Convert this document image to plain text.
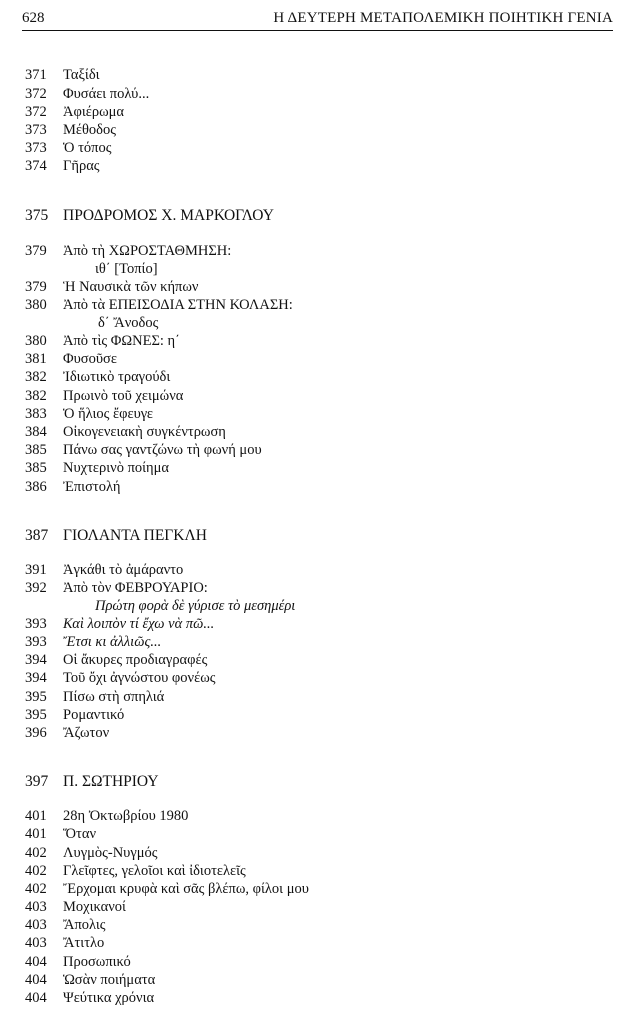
628	Η ΔΕΥΤΕΡΗ ΜΕΤΑΠΟΛΕΜΙΚΗ ΠΟΙΗΤΙΚΗ ΓΕΝΙΑ
371 Ταξίδι
372 Φυσάει πολύ...
372 Ἀφιέρωμα
373 Μέθοδος
373 Ὁ τόπος
374 Γῆρας
375 ΠΡΟΔΡΟΜΟΣ Χ. ΜΑΡΚΟΓΛΟΥ
379 Ἀπὸ τὴ ΧΩΡΟΣΤΑΘΜΗΣΗ:
ιθ΄ [Τοπίο]
379 Ἡ Ναυσικὰ τῶν κήπων
380 Ἀπὸ τὰ ΕΠΕΙΣΟΔΙΑ ΣΤΗΝ ΚΟΛΑΣΗ:
δ΄ Ἄνοδος
380 Ἀπὸ τὶς ΦΩΝΕΣ: η΄
381 Φυσοῦσε
382 Ἰδιωτικὸ τραγούδι
382 Πρωινὸ τοῦ χειμώνα
383 Ὁ ἥλιος ἔφευγε
384 Οἰκογενειακὴ συγκέντρωση
385 Πάνω σας γαντζώνω τὴ φωνή μου
385 Νυχτερινὸ ποίημα
386 Ἐπιστολή
387 ΓΙΟΛΑΝΤΑ ΠΕΓΚΛΗ
391 Ἀγκάθι τὸ ἀμάραντο
392 Ἀπὸ τὸν ΦΕΒΡΟΥΑΡΙΟ:
Πρώτη φορὰ δὲ γύρισε τὸ μεσημέρι
393 Καὶ λοιπὸν τί ἔχω νὰ πῶ...
393 Ἔτσι κι ἀλλιῶς...
394 Οἱ ἄκυρες προδιαγραφές
394 Τοῦ ὄχι ἀγνώστου φονέως
395 Πίσω στὴ σπηλιά
395 Ρομαντικό
396 Ἄζωτον
397 Π. ΣΩΤΗΡΙΟΥ
401 28η Ὀκτωβρίου 1980
401 Ὅταν
402 Λυγμὸς-Νυγμός
402 Γλεῖφτες, γελοῖοι καὶ ἰδιοτελεῖς
402 Ἔρχομαι κρυφὰ καὶ σᾶς βλέπω, φίλοι μου
403 Μοχικανοί
403 Ἄπολις
403 Ἄτιτλο
404 Προσωπικό
404 Ὡσὰν ποιήματα
404 Ψεύτικα χρόνια
